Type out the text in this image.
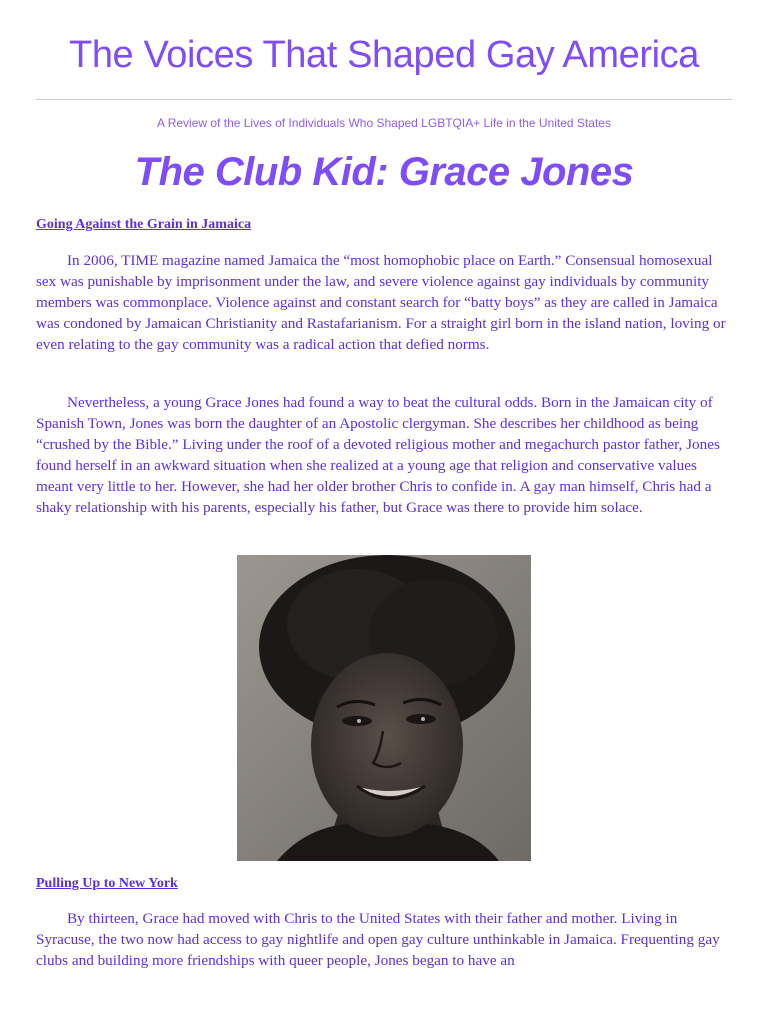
The Voices That Shaped Gay America
A Review of the Lives of Individuals Who Shaped LGBTQIA+ Life in the United States
The Club Kid: Grace Jones
Going Against the Grain in Jamaica

In 2006, TIME magazine named Jamaica the “most homophobic place on Earth.” Consensual homosexual sex was punishable by imprisonment under the law, and severe violence against gay individuals by community members was commonplace. Violence against and constant search for “batty boys” as they are called in Jamaica was condoned by Jamaican Christianity and Rastafarianism. For a straight girl born in the island nation, loving or even relating to the gay community was a radical action that defied norms.

Nevertheless, a young Grace Jones had found a way to beat the cultural odds. Born in the Jamaican city of Spanish Town, Jones was born the daughter of an Apostolic clergyman. She describes her childhood as being “crushed by the Bible.” Living under the roof of a devoted religious mother and megachurch pastor father, Jones found herself in an awkward situation when she realized at a young age that religion and conservative values meant very little to her. However, she had her older brother Chris to confide in. A gay man himself, Chris had a shaky relationship with his parents, especially his father, but Grace was there to provide him solace.

Pulling Up to New York

By thirteen, Grace had moved with Chris to the United States with their father and mother. Living in Syracuse, the two now had access to gay nightlife and open gay culture unthinkable in Jamaica. Frequenting gay clubs and building more friendships with queer people, Jones began to have an
